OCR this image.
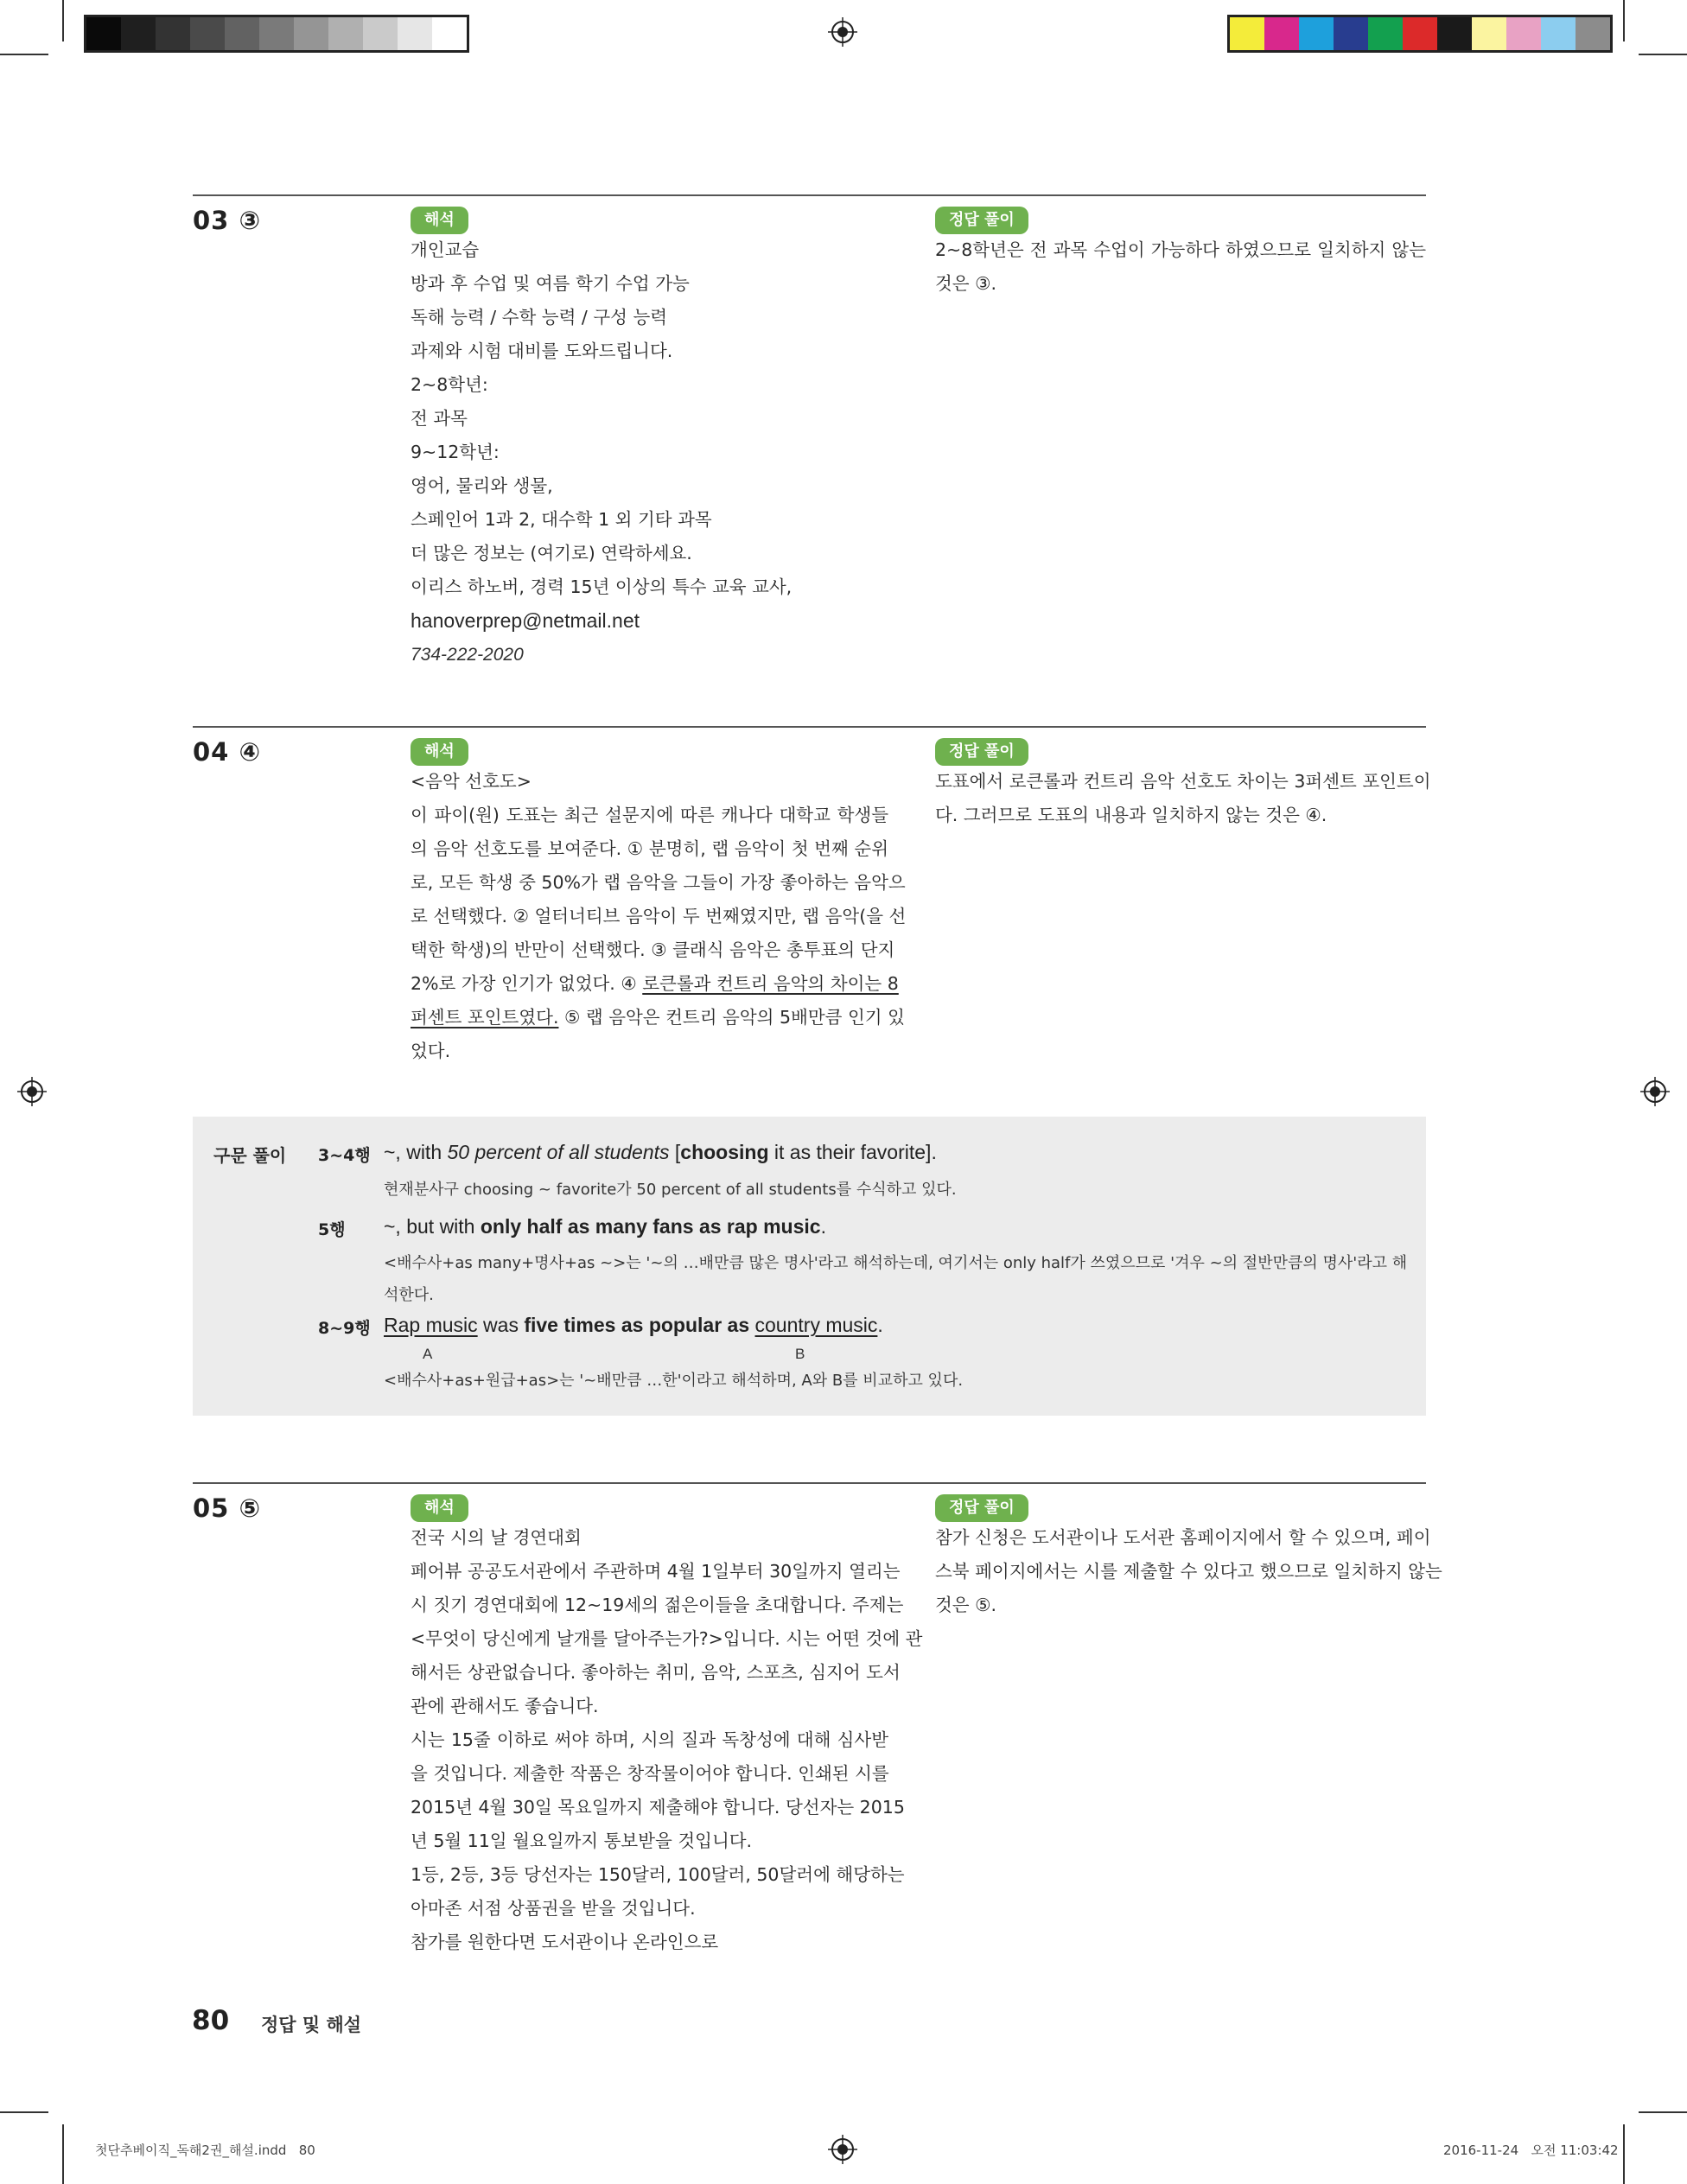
03 ③	해석	정답 풀이
개인교습
방과 후 수업 및 여름 학기 수업 가능
독해 능력 / 수학 능력 / 구성 능력
과제와 시험 대비를 도와드립니다.
2~8학년:
전 과목
9~12학년:
영어, 물리와 생물,
스페인어 1과 2, 대수학 1 외 기타 과목
더 많은 정보는 (여기로) 연락하세요.
이리스 하노버, 경력 15년 이상의 특수 교육 교사,
hanoverprep@netmail.net
734-222-2020
2~8학년은 전 과목 수업이 가능하다 하였으므로 일치하지 않는
것은 ③.
04 ④	해석	정답 풀이
<음악 선호도>
이 파이(원) 도표는 최근 설문지에 따른 캐나다 대학교 학생들
의 음악 선호도를 보여준다. ① 분명히, 랩 음악이 첫 번째 순위
로, 모든 학생 중 50%가 랩 음악을 그들이 가장 좋아하는 음악으
로 선택했다. ② 얼터너티브 음악이 두 번째였지만, 랩 음악(을 선
택한 학생)의 반만이 선택했다. ③ 클래식 음악은 총투표의 단지
2%로 가장 인기가 없었다. ④ 로큰롤과 컨트리 음악의 차이는 8
퍼센트 포인트였다. ⑤ 랩 음악은 컨트리 음악의 5배만큼 인기 있
었다.
도표에서 로큰롤과 컨트리 음악 선호도 차이는 3퍼센트 포인트이
다. 그러므로 도표의 내용과 일치하지 않는 것은 ④.
구문 풀이 3~4행 ~, with 50 percent of all students [choosing it as their favorite].
현재분사구 choosing ~ favorite가 50 percent of all students를 수식하고 있다.
5행 ~, but with only half as many fans as rap music.
<배수사+as many+명사+as ~>는 '~의 …배만큼 많은 명사'라고 해석하는데, 여기서는 only half가 쓰였으므로 '겨우 ~의 절반만큼의 명사'라고 해
석한다.
8~9행 Rap music was five times as popular as country music.
A	B
<배수사+as+원급+as>는 '~배만큼 …한'이라고 해석하며, A와 B를 비교하고 있다.
05 ⑤	해석	정답 풀이
전국 시의 날 경연대회
페어뷰 공공도서관에서 주관하며 4월 1일부터 30일까지 열리는
시 짓기 경연대회에 12~19세의 젊은이들을 초대합니다. 주제는
<무엇이 당신에게 날개를 달아주는가?>입니다. 시는 어떤 것에 관
해서든 상관없습니다. 좋아하는 취미, 음악, 스포츠, 심지어 도서
관에 관해서도 좋습니다.
시는 15줄 이하로 써야 하며, 시의 질과 독창성에 대해 심사받
을 것입니다. 제출한 작품은 창작물이어야 합니다. 인쇄된 시를
2015년 4월 30일 목요일까지 제출해야 합니다. 당선자는 2015
년 5월 11일 월요일까지 통보받을 것입니다.
1등, 2등, 3등 당선자는 150달러, 100달러, 50달러에 해당하는
아마존 서점 상품권을 받을 것입니다.
참가를 원한다면 도서관이나 온라인으로
참가 신청은 도서관이나 도서관 홈페이지에서 할 수 있으며, 페이
스북 페이지에서는 시를 제출할 수 있다고 했으므로 일치하지 않는
것은 ⑤.
80 정답 및 해설
첫단추베이직_독해2권_해설.indd   80	2016-11-24   오전 11:03:42
